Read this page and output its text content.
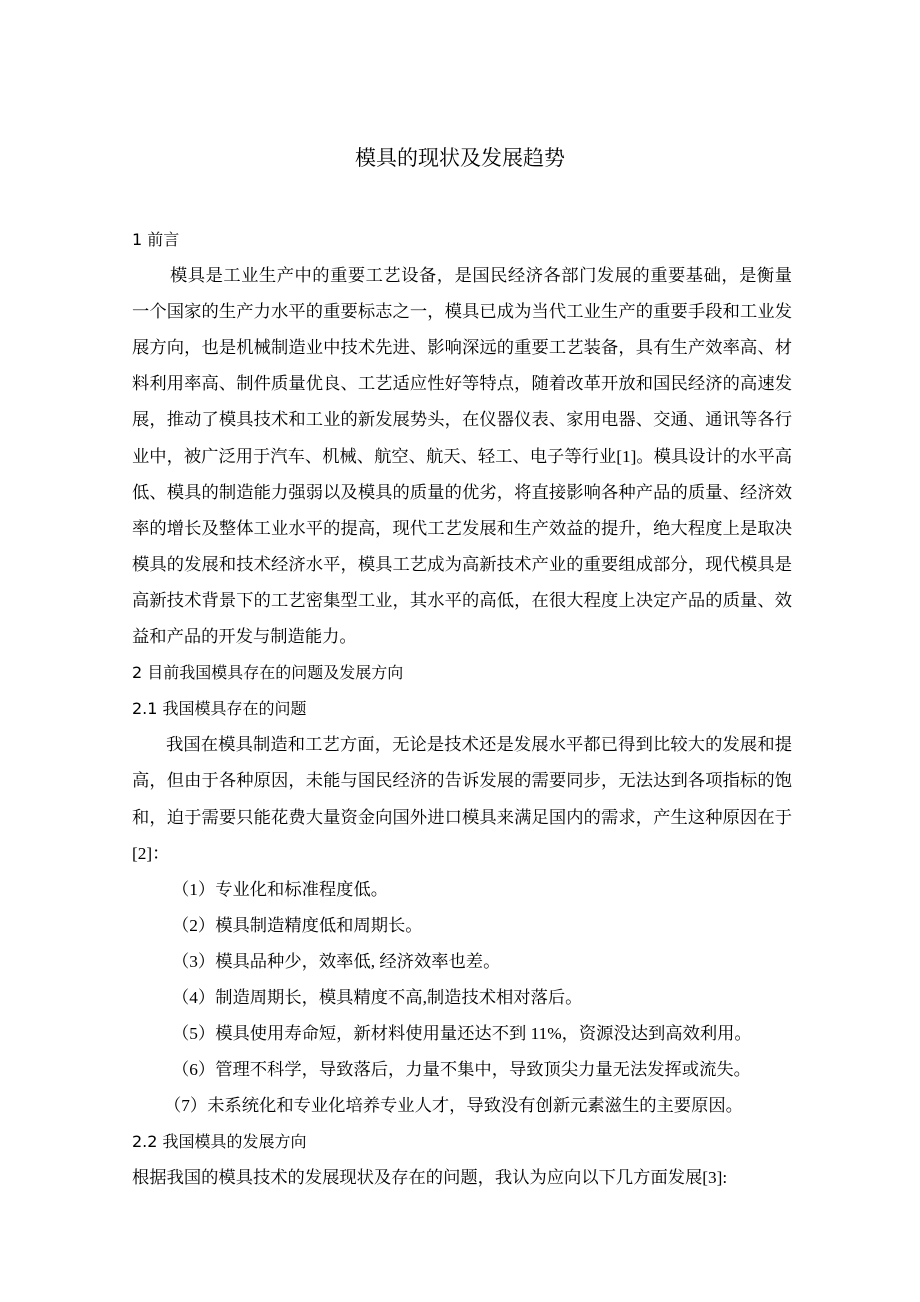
模具的现状及发展趋势
1 前言

模具是工业生产中的重要工艺设备，是国民经济各部门发展的重要基础，是衡量一个国家的生产力水平的重要标志之一，模具已成为当代工业生产的重要手段和工业发展方向，也是机械制造业中技术先进、影响深远的重要工艺装备，具有生产效率高、材料利用率高、制件质量优良、工艺适应性好等特点，随着改革开放和国民经济的高速发展，推动了模具技术和工业的新发展势头，在仪器仪表、家用电器、交通、通讯等各行业中，被广泛用于汽车、机械、航空、航天、轻工、电子等行业[1]。模具设计的水平高低、模具的制造能力强弱以及模具的质量的优劣，将直接影响各种产品的质量、经济效率的增长及整体工业水平的提高，现代工艺发展和生产效益的提升，绝大程度上是取决模具的发展和技术经济水平，模具工艺成为高新技术产业的重要组成部分，现代模具是高新技术背景下的工艺密集型工业，其水平的高低，在很大程度上决定产品的质量、效益和产品的开发与制造能力。

2 目前我国模具存在的问题及发展方向
2.1 我国模具存在的问题

我国在模具制造和工艺方面，无论是技术还是发展水平都已得到比较大的发展和提高，但由于各种原因，未能与国民经济的告诉发展的需要同步，无法达到各项指标的饱和，迫于需要只能花费大量资金向国外进口模具来满足国内的需求，产生这种原因在于[2]：

（1）专业化和标准程度低。
（2）模具制造精度低和周期长。
（3）模具品种少，效率低, 经济效率也差。
（4）制造周期长，模具精度不高,制造技术相对落后。
（5）模具使用寿命短，新材料使用量还达不到 11%，资源没达到高效利用。
（6）管理不科学，导致落后，力量不集中，导致顶尖力量无法发挥或流失。
（7）未系统化和专业化培养专业人才，导致没有创新元素滋生的主要原因。
2.2 我国模具的发展方向

根据我国的模具技术的发展现状及存在的问题，我认为应向以下几方面发展[3]:
